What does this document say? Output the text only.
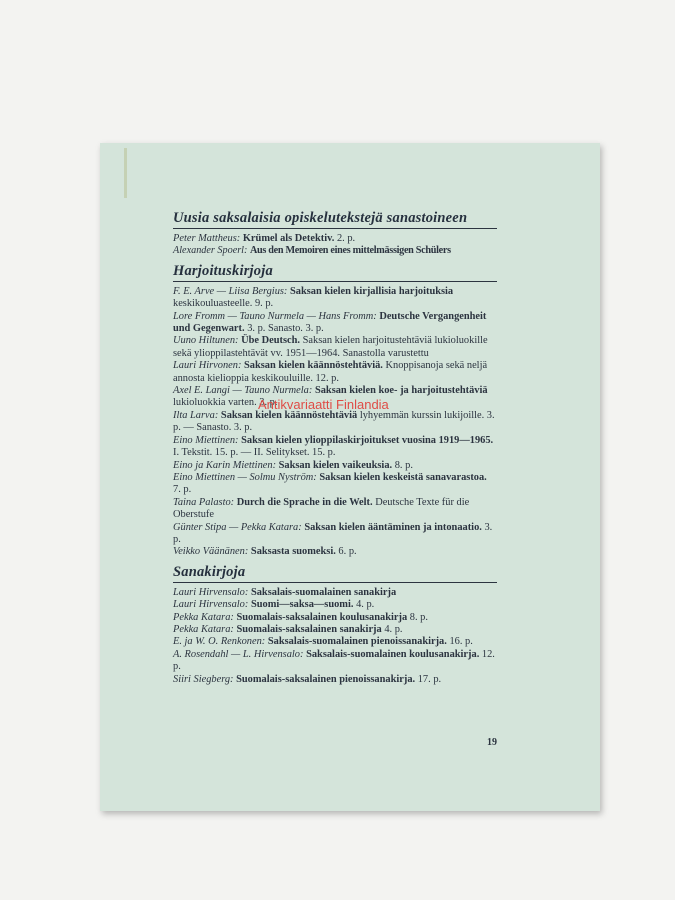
Uusia saksalaisia opiskelutekstejä sanastoineen

Peter Mattheus: Krümel als Detektiv. 2. p.

Alexander Spoerl: Aus den Memoiren eines mittelmässigen Schülers

Harjoituskirjoja

F. E. Arve — Liisa Bergius: Saksan kielen kirjallisia harjoituksia keskikouluasteelle. 9. p.

Lore Fromm — Tauno Nurmela — Hans Fromm: Deutsche Vergangenheit und Gegenwart. 3. p. Sanasto. 3. p.

Uuno Hiltunen: Übe Deutsch. Saksan kielen harjoitustehtäviä lukioluokille sekä ylioppilastehtävät vv. 1951—1964. Sanastolla varustettu

Lauri Hirvonen: Saksan kielen käännöstehtäviä. Knoppisanoja sekä neljä annosta kielioppia keskikouluille. 12. p.

Axel E. Langi — Tauno Nurmela: Saksan kielen koe- ja harjoitustehtäviä lukioluokkia varten. 3. p.

Ilta Larva: Saksan kielen käännöstehtäviä lyhyemmän kurssin lukijoille. 3. p. — Sanasto. 3. p.

Eino Miettinen: Saksan kielen ylioppilaskirjoitukset vuosina 1919—1965. I. Tekstit. 15. p. — II. Selitykset. 15. p.

Eino ja Karin Miettinen: Saksan kielen vaikeuksia. 8. p.

Eino Miettinen — Solmu Nyström: Saksan kielen keskeistä sanavarastoa. 7. p.

Taina Palasto: Durch die Sprache in die Welt. Deutsche Texte für die Oberstufe

Günter Stipa — Pekka Katara: Saksan kielen ääntäminen ja intonaatio. 3. p.

Veikko Väänänen: Saksasta suomeksi. 6. p.

Sanakirjoja

Lauri Hirvensalo: Saksalais-suomalainen sanakirja

Lauri Hirvensalo: Suomi—saksa—suomi. 4. p.

Pekka Katara: Suomalais-saksalainen koulusanakirja 8. p.

Pekka Katara: Suomalais-saksalainen sanakirja 4. p.

E. ja W. O. Renkonen: Saksalais-suomalainen pienoissanakirja. 16. p.

A. Rosendahl — L. Hirvensalo: Saksalais-suomalainen koulusanakirja. 12. p.

Siiri Siegberg: Suomalais-saksalainen pienoissanakirja. 17. p.

19
Antikvariaatti Finlandia
